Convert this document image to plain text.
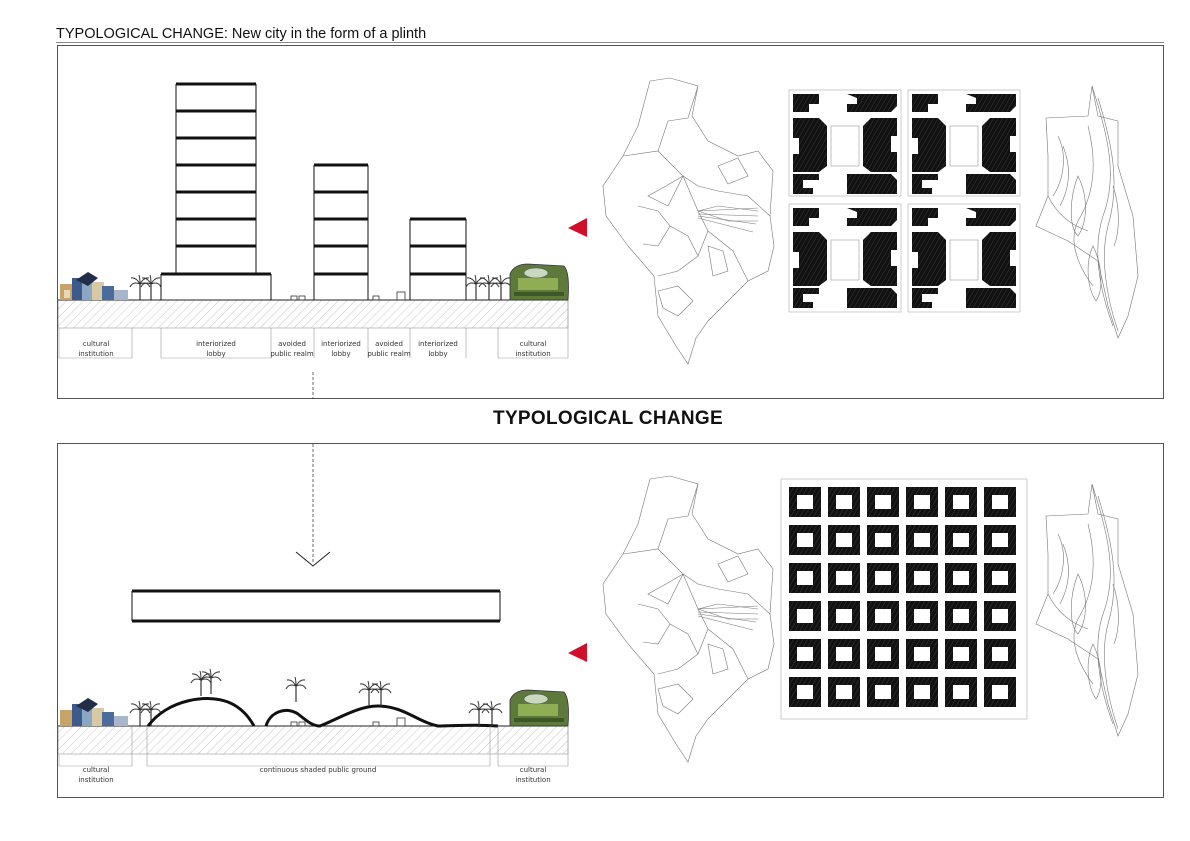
TYPOLOGICAL CHANGE: New city in the form of a plinth
cultural
institution
interiorized
lobby
avoided
public realm
interiorized
lobby
avoided
public realm
interiorized
lobby
cultural
institution
TYPOLOGICAL CHANGE
cultural
institution
continuous shaded public ground	cultural
institution
